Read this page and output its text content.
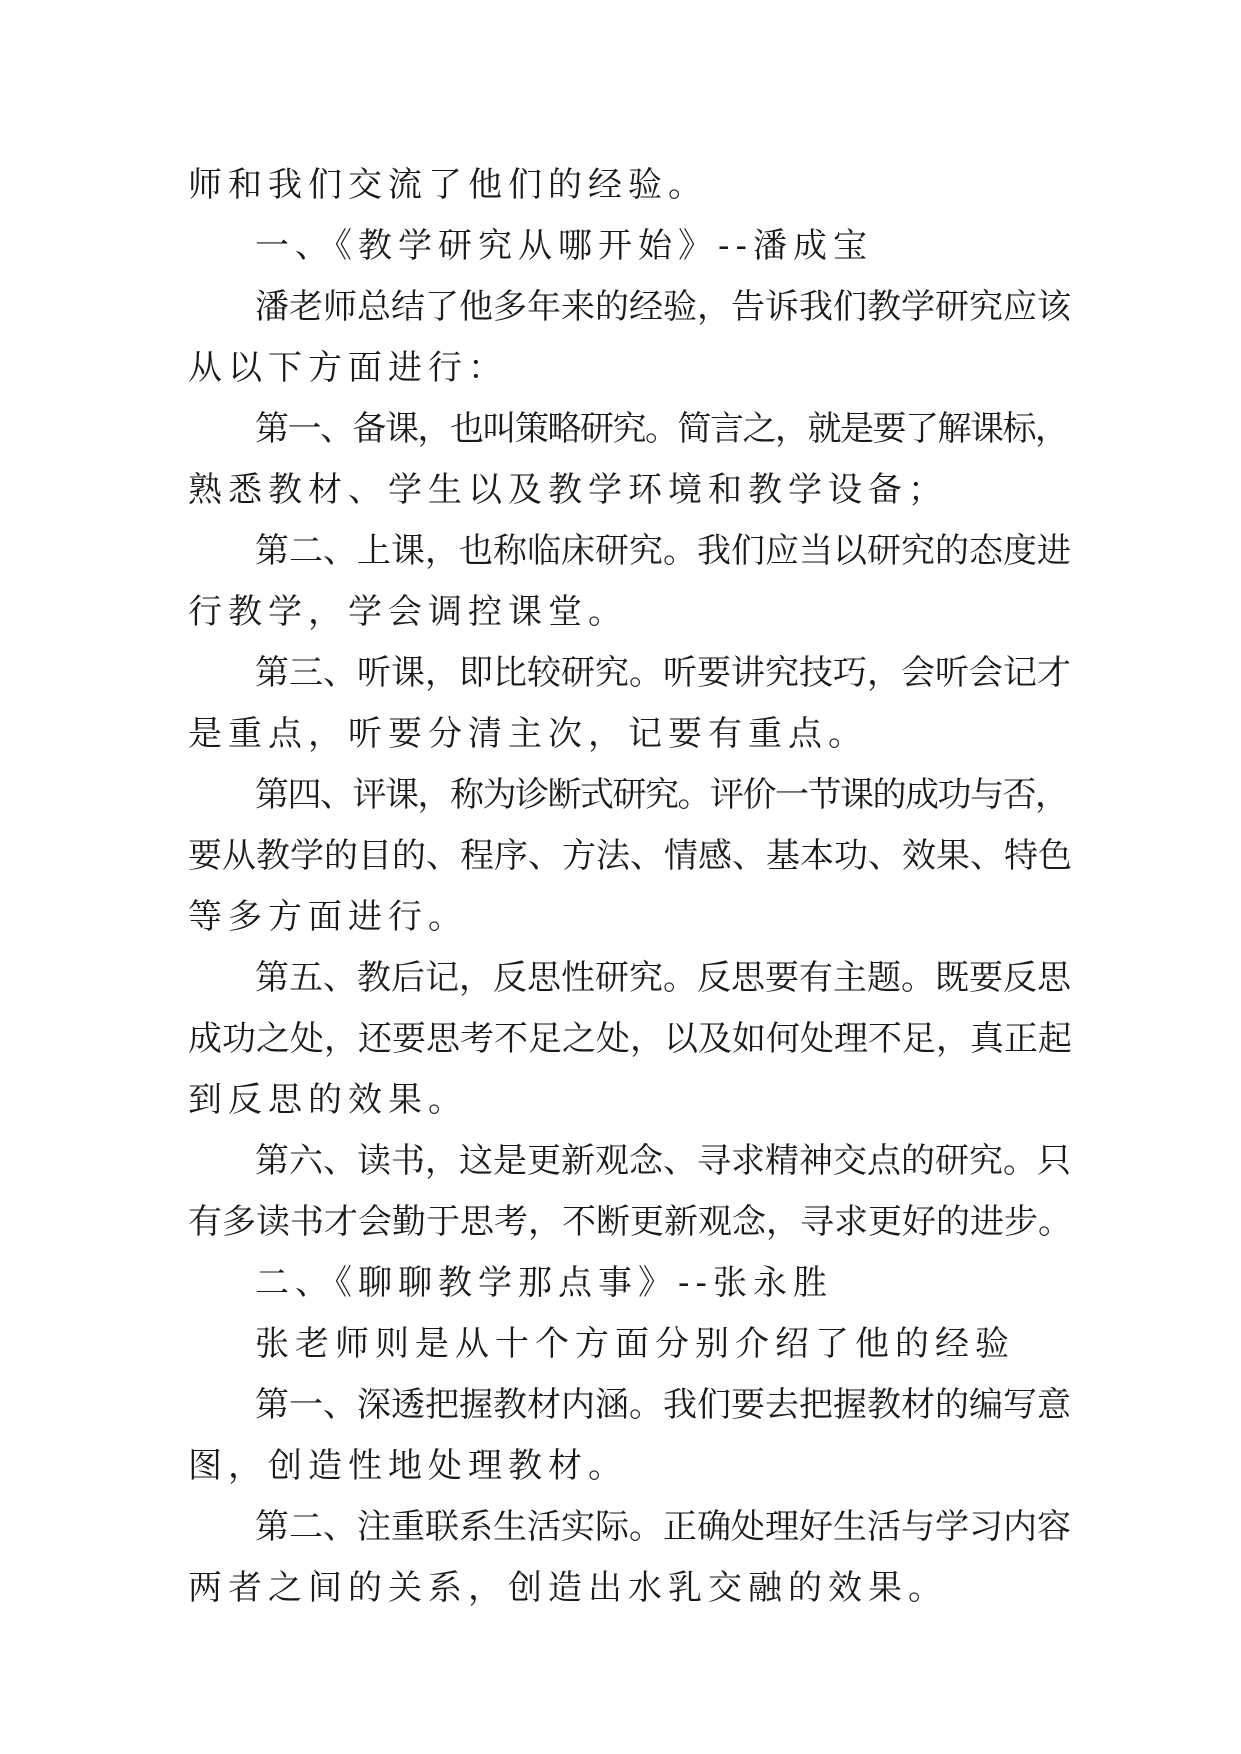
师和我们交流了他们的经验。
一、《教学研究从哪开始》--潘成宝
潘老师总结了他多年来的经验，告诉我们教学研究应该
从以下方面进行：
第一、备课，也叫策略研究。简言之，就是要了解课标，
熟悉教材、学生以及教学环境和教学设备；
第二、上课，也称临床研究。我们应当以研究的态度进
行教学，学会调控课堂。
第三、听课，即比较研究。听要讲究技巧，会听会记才
是重点，听要分清主次，记要有重点。
第四、评课，称为诊断式研究。评价一节课的成功与否，
要从教学的目的、程序、方法、情感、基本功、效果、特色
等多方面进行。
第五、教后记，反思性研究。反思要有主题。既要反思
成功之处，还要思考不足之处，以及如何处理不足，真正起
到反思的效果。
第六、读书，这是更新观念、寻求精神交点的研究。只
有多读书才会勤于思考，不断更新观念，寻求更好的进步。
二、《聊聊教学那点事》--张永胜
张老师则是从十个方面分别介绍了他的经验
第一、深透把握教材内涵。我们要去把握教材的编写意
图，创造性地处理教材。
第二、注重联系生活实际。正确处理好生活与学习内容
两者之间的关系，创造出水乳交融的效果。
